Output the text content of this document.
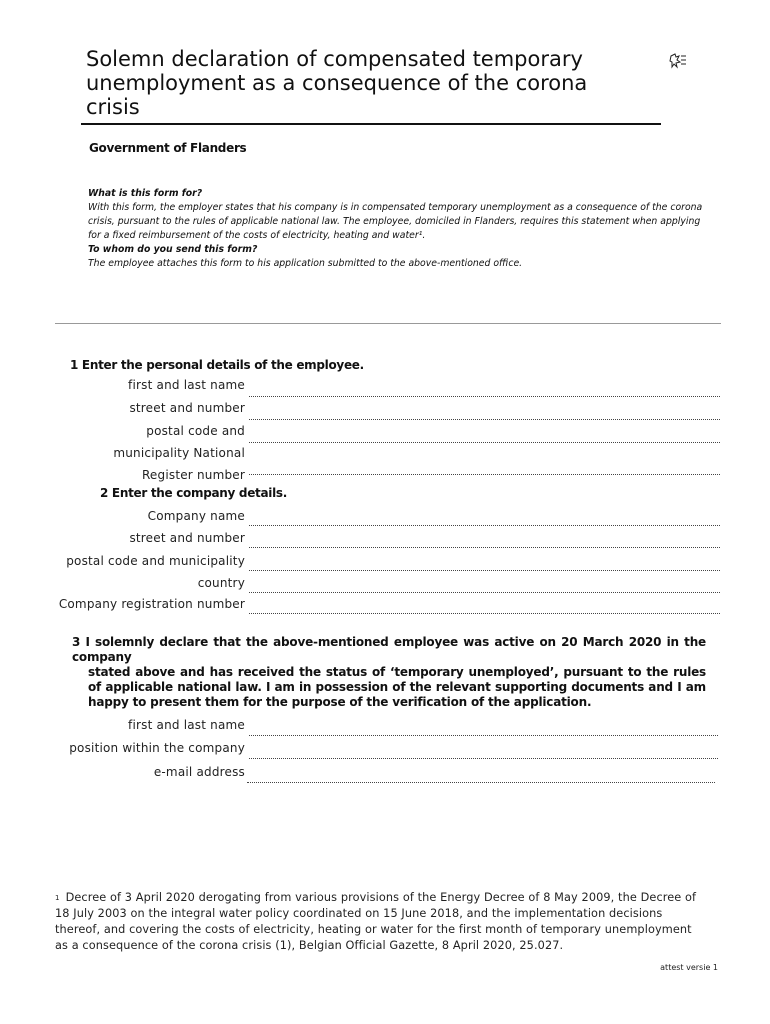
Solemn declaration of compensated temporary unemployment as a consequence of the corona crisis
Government of Flanders
What is this form for?
With this form, the employer states that his company is in compensated temporary unemployment as a consequence of the corona crisis, pursuant to the rules of applicable national law. The employee, domiciled in Flanders, requires this statement when applying for a fixed reimbursement of the costs of electricity, heating and water¹.
To whom do you send this form?
The employee attaches this form to his application submitted to the above-mentioned office.
1 Enter the personal details of the employee.
first and last name
street and number
postal code and
municipality National
Register number
2 Enter the company details.
Company name
street and number
postal code and municipality
country
Company registration number
3 I solemnly declare that the above-mentioned employee was active on 20 March 2020 in the company
stated above and has received the status of ‘temporary unemployed’, pursuant to the rules of applicable national law. I am in possession of the relevant supporting documents and I am happy to present them for the purpose of the verification of the application.
first and last name
position within the company
e-mail address
$^1$ Decree of 3 April 2020 derogating from various provisions of the Energy Decree of 8 May 2009, the Decree of 18 July 2003 on the integral water policy coordinated on 15 June 2018, and the implementation decisions thereof, and covering the costs of electricity, heating or water for the first month of temporary unemployment as a consequence of the corona crisis (1), Belgian Official Gazette, 8 April 2020, 25.027.
attest versie 1
